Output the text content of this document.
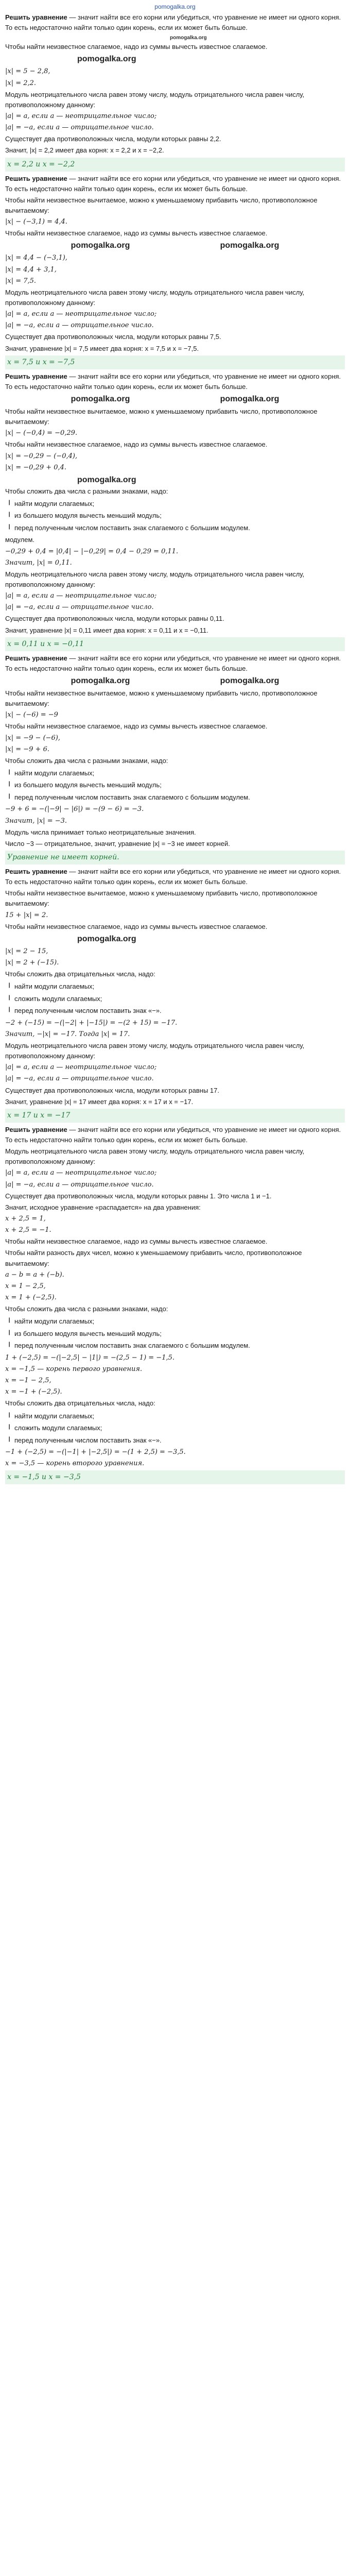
pomogalka.org

Решить уравнение — значит найти все его корни или убедиться, что уравнение не имеет ни одного корня. То есть недостаточно найти только один корень, если их может быть больше.

pomogalka.org

Чтобы найти неизвестное слагаемое, надо из суммы вычесть известное слагаемое.

pomogalka.org

|x| = 5 − 2,8,

|x| = 2,2.

Модуль неотрицательного числа равен этому числу, модуль отрицательного числа равен числу, противоположному данному:

|a| = a, если a — неотрицательное число;

|a| = −a, если a — отрицательное число.

Существует два противоположных числа, модули которых равны 2,2.

Значит, |x| = 2,2 имеет два корня: x = 2,2 и x = −2,2.

x = 2,2 и x = −2,2

Решить уравнение — значит найти все его корни или убедиться, что уравнение не имеет ни одного корня. То есть недостаточно найти только один корень, если их может быть больше.

Чтобы найти неизвестное вычитаемое, можно к уменьшаемому прибавить число, противоположное вычитаемому:

|x| − (−3,1) = 4,4.

Чтобы найти неизвестное слагаемое, надо из суммы вычесть известное слагаемое.

pomogalka.org	pomogalka.org

|x| = 4,4 − (−3,1),

|x| = 4,4 + 3,1,

|x| = 7,5.

Модуль неотрицательного числа равен этому числу, модуль отрицательного числа равен числу, противоположному данному:

|a| = a, если a — неотрицательное число;

|a| = −a, если a — отрицательное число.

Существует два противоположных числа, модули которых равны 7,5.

Значит, уравнение |x| = 7,5 имеет два корня: x = 7,5 и x = −7,5.

x = 7,5 и x = −7,5

Решить уравнение — значит найти все его корни или убедиться, что уравнение не имеет ни одного корня. То есть недостаточно найти только один корень, если их может быть больше.

pomogalka.org	pomogalka.org

Чтобы найти неизвестное вычитаемое, можно к уменьшаемому прибавить число, противоположное вычитаемому:

|x| − (−0,4) = −0,29.

Чтобы найти неизвестное слагаемое, надо из суммы вычесть известное слагаемое.

|x| = −0,29 − (−0,4),

|x| = −0,29 + 0,4.

pomogalka.org

Чтобы сложить два числа с разными знаками, надо:

❙ найти модули слагаемых;
❙ из большего модуля вычесть меньший модуль;
❙ перед полученным числом поставить знак слагаемого с большим модулем.

модулем.

−0,29 + 0,4 = |0,4| − |−0,29| = 0,4 − 0,29 = 0,11.

Значит, |x| = 0,11.

Модуль неотрицательного числа равен этому числу, модуль отрицательного числа равен числу, противоположному данному:

|a| = a, если a — неотрицательное число;

|a| = −a, если a — отрицательное число.

Существует два противоположных числа, модули которых равны 0,11.

Значит, уравнение |x| = 0,11 имеет два корня: x = 0,11 и x = −0,11.

x = 0,11 и x = −0,11

Решить уравнение — значит найти все его корни или убедиться, что уравнение не имеет ни одного корня. То есть недостаточно найти только один корень, если их может быть больше.

pomogalka.org	pomogalka.org

Чтобы найти неизвестное вычитаемое, можно к уменьшаемому прибавить число, противоположное вычитаемому:

|x| − (−6) = −9

Чтобы найти неизвестное слагаемое, надо из суммы вычесть известное слагаемое.

|x| = −9 − (−6),

|x| = −9 + 6.

Чтобы сложить два числа с разными знаками, надо:

❙ найти модули слагаемых;
❙ из большего модуля вычесть меньший модуль;
❙ перед полученным числом поставить знак слагаемого с большим модулем.

−9 + 6 = −(|−9| − |6|) = −(9 − 6) = −3.

Значит, |x| = −3.

Модуль числа принимает только неотрицательные значения.

Число −3 — отрицательное, значит, уравнение |x| = −3 не имеет корней.

Уравнение не имеет корней.

Решить уравнение — значит найти все его корни или убедиться, что уравнение не имеет ни одного корня. То есть недостаточно найти только один корень, если их может быть больше.

Чтобы найти неизвестное вычитаемое, можно к уменьшаемому прибавить число, противоположное вычитаемому:

15 + |x| = 2.

Чтобы найти неизвестное слагаемое, надо из суммы вычесть известное слагаемое.

pomogalka.org

|x| = 2 − 15,

|x| = 2 + (−15).

Чтобы сложить два отрицательных числа, надо:

❙ найти модули слагаемых;
❙ сложить модули слагаемых;
❙ перед полученным числом поставить знак «−».

−2 + (−15) = −(|−2| + |−15|) = −(2 + 15) = −17.

Значит, −|x| = −17. Тогда |x| = 17.

Модуль неотрицательного числа равен этому числу, модуль отрицательного числа равен числу, противоположному данному:

|a| = a, если a — неотрицательное число;

|a| = −a, если a — отрицательное число.

Существует два противоположных числа, модули которых равны 17.

Значит, уравнение |x| = 17 имеет два корня: x = 17 и x = −17.

x = 17 и x = −17

Решить уравнение — значит найти все его корни или убедиться, что уравнение не имеет ни одного корня. То есть недостаточно найти только один корень, если их может быть больше.

Модуль неотрицательного числа равен этому числу, модуль отрицательного числа равен числу, противоположному данному:

|a| = a, если a — неотрицательное число;

|a| = −a, если a — отрицательное число.

Существует два противоположных числа, модули которых равны 1. Это числа 1 и −1.

Значит, исходное уравнение «распадается» на два уравнения:

x + 2,5 = 1,

x + 2,5 = −1.

Чтобы найти неизвестное слагаемое, надо из суммы вычесть известное слагаемое.

Чтобы найти разность двух чисел, можно к уменьшаемому прибавить число, противоположное вычитаемому:

a − b = a + (−b).

x = 1 − 2,5,

x = 1 + (−2,5).

Чтобы сложить два числа с разными знаками, надо:

❙ найти модули слагаемых;
❙ из большего модуля вычесть меньший модуль;
❙ перед полученным числом поставить знак слагаемого с большим модулем.

1 + (−2,5) = −(|−2,5| − |1|) = −(2,5 − 1) = −1,5.

x = −1,5 — корень первого уравнения.

x = −1 − 2,5,

x = −1 + (−2,5).

Чтобы сложить два отрицательных числа, надо:

❙ найти модули слагаемых;
❙ сложить модули слагаемых;
❙ перед полученным числом поставить знак «−».

−1 + (−2,5) = −(|−1| + |−2,5|) = −(1 + 2,5) = −3,5.

x = −3,5 — корень второго уравнения.

x = −1,5 и x = −3,5
